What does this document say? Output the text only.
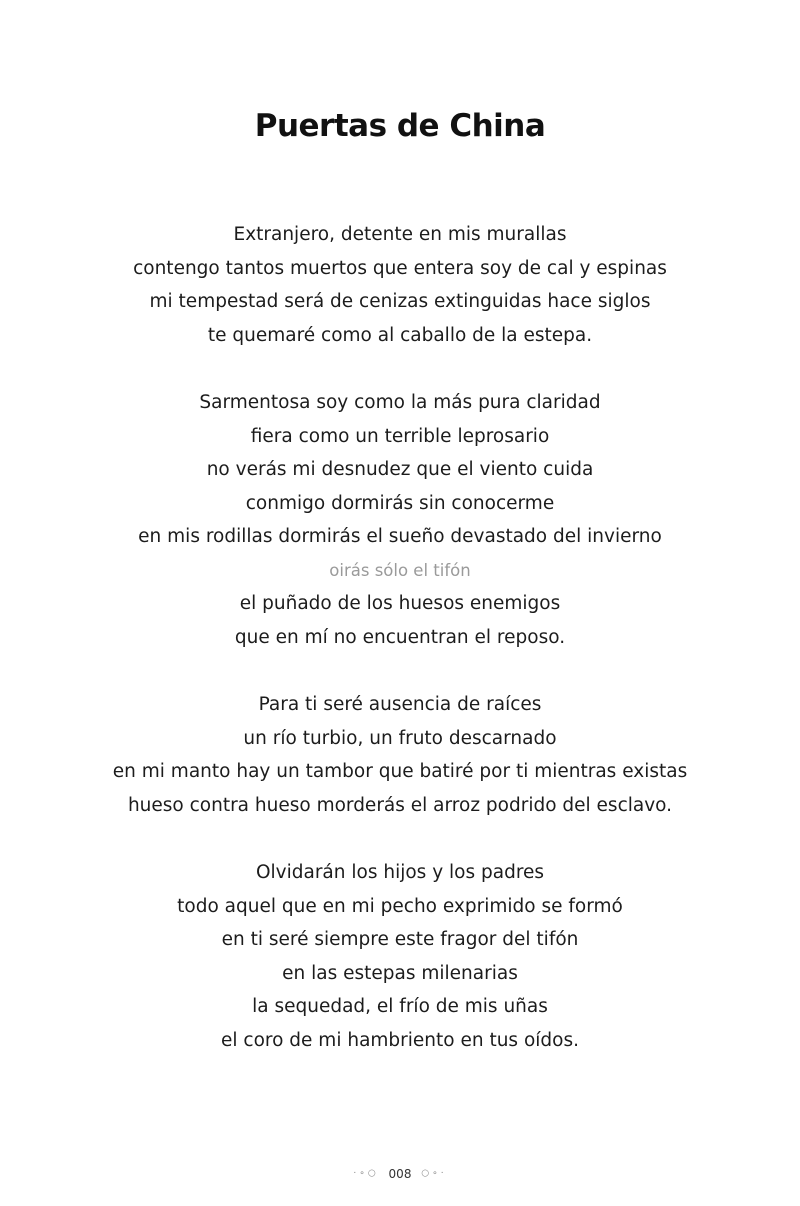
Puertas de China
Extranjero, detente en mis murallas
contengo tantos muertos que entera soy de cal y espinas
mi tempestad será de cenizas extinguidas hace siglos
te quemaré como al caballo de la estepa.
Sarmentosa soy como la más pura claridad
fiera como un terrible leprosario
no verás mi desnudez que el viento cuida
conmigo dormirás sin conocerme
en mis rodillas dormirás el sueño devastado del invierno
oirás sólo el tifón
el puñado de los huesos enemigos
que en mí no encuentran el reposo.
Para ti seré ausencia de raíces
un río turbio, un fruto descarnado
en mi manto hay un tambor que batiré por ti mientras existas
hueso contra hueso morderás el arroz podrido del esclavo.
Olvidarán los hijos y los padres
todo aquel que en mi pecho exprimido se formó
en ti seré siempre este fragor del tifón
en las estepas milenarias
la sequedad, el frío de mis uñas
el coro de mi hambriento en tus oídos.
·∘○ 008 ○∘·
